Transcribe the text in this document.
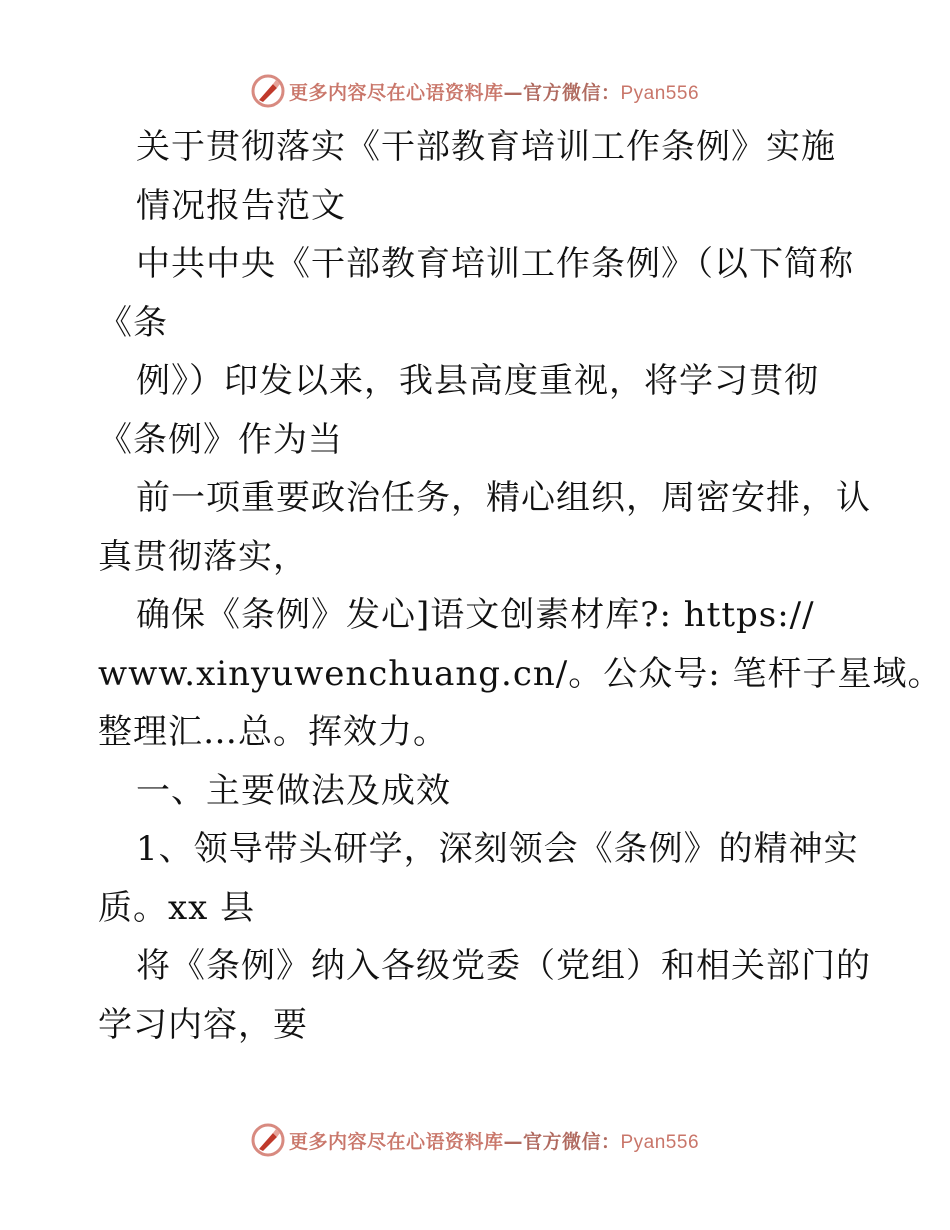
更多内容尽在心语资料库—官方微信：Pyan556
关于贯彻落实《干部教育培训工作条例》实施
情况报告范文
中共中央《干部教育培训工作条例》（以下简称
《条
例》）印发以来，我县高度重视，将学习贯彻
《条例》作为当
前一项重要政治任务，精心组织，周密安排，认
真贯彻落实，
确保《条例》发心]语文创素材库?: https://
www.xinyuwenchuang.cn/。公众号: 笔杆子星域。
整理汇…总。挥效力。
一、主要做法及成效
1、领导带头研学，深刻领会《条例》的精神实
质。xx 县
将《条例》纳入各级党委（党组）和相关部门的
学习内容，要
更多内容尽在心语资料库—官方微信：Pyan556
